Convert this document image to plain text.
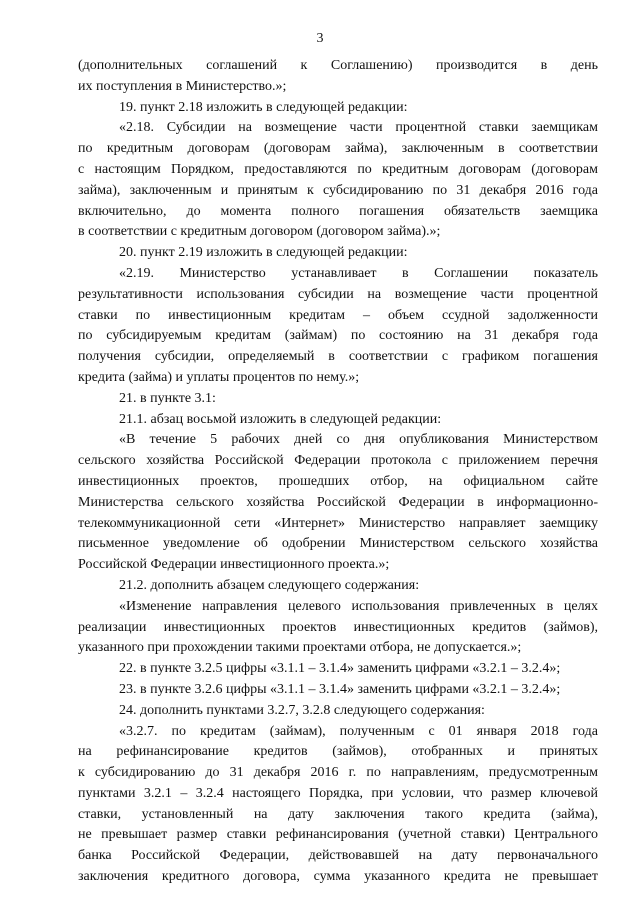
3
(дополнительных соглашений к Соглашению) производится в день
их поступления в Министерство.»;
19. пункт 2.18 изложить в следующей редакции:
«2.18. Субсидии на возмещение части процентной ставки заемщикам
по кредитным договорам (договорам займа), заключенным в соответствии
с настоящим Порядком, предоставляются по кредитным договорам (договорам
займа), заключенным и принятым к субсидированию по 31 декабря 2016 года
включительно, до момента полного погашения обязательств заемщика
в соответствии с кредитным договором (договором займа).»;
20. пункт 2.19 изложить в следующей редакции:
«2.19. Министерство устанавливает в Соглашении показатель
результативности использования субсидии на возмещение части процентной
ставки по инвестиционным кредитам – объем ссудной задолженности
по субсидируемым кредитам (займам) по состоянию на 31 декабря года
получения субсидии, определяемый в соответствии с графиком погашения
кредита (займа) и уплаты процентов по нему.»;
21. в пункте 3.1:
21.1. абзац восьмой изложить в следующей редакции:
«В течение 5 рабочих дней со дня опубликования Министерством
сельского хозяйства Российской Федерации протокола с приложением перечня
инвестиционных проектов, прошедших отбор, на официальном сайте
Министерства сельского хозяйства Российской Федерации в информационно-
телекоммуникационной сети «Интернет» Министерство направляет заемщику
письменное уведомление об одобрении Министерством сельского хозяйства
Российской Федерации инвестиционного проекта.»;
21.2. дополнить абзацем следующего содержания:
«Изменение направления целевого использования привлеченных в целях
реализации инвестиционных проектов инвестиционных кредитов (займов),
указанного при прохождении такими проектами отбора, не допускается.»;
22. в пункте 3.2.5 цифры «3.1.1 – 3.1.4» заменить цифрами «3.2.1 – 3.2.4»;
23. в пункте 3.2.6 цифры «3.1.1 – 3.1.4» заменить цифрами «3.2.1 – 3.2.4»;
24. дополнить пунктами 3.2.7, 3.2.8 следующего содержания:
«3.2.7. по кредитам (займам), полученным с 01 января 2018 года
на рефинансирование кредитов (займов), отобранных и принятых
к субсидированию до 31 декабря 2016 г. по направлениям, предусмотренным
пунктами 3.2.1 – 3.2.4 настоящего Порядка, при условии, что размер ключевой
ставки, установленный на дату заключения такого кредита (займа),
не превышает размер ставки рефинансирования (учетной ставки) Центрального
банка Российской Федерации, действовавшей на дату первоначального
заключения кредитного договора, сумма указанного кредита не превышает
